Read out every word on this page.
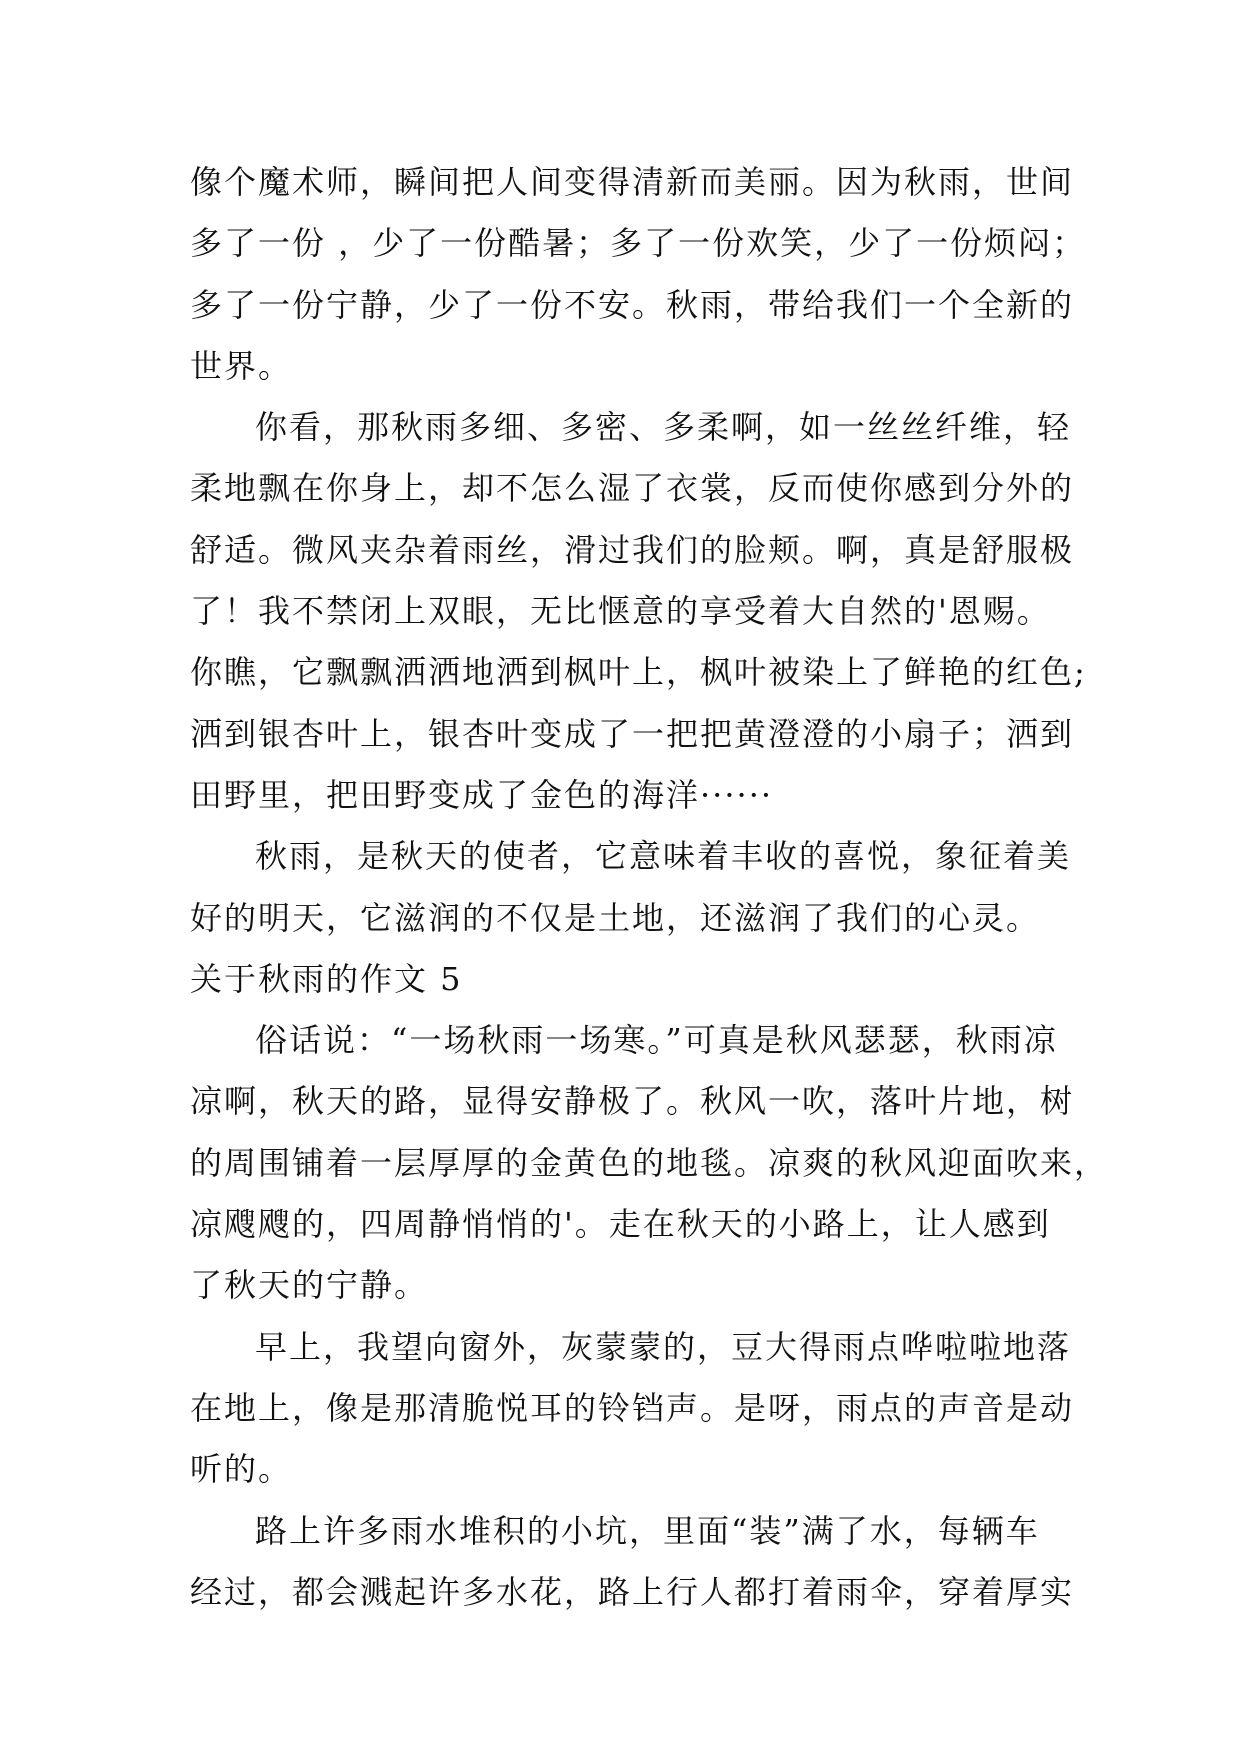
像个魔术师，瞬间把人间变得清新而美丽。因为秋雨，世间
多了一份 ，少了一份酷暑；多了一份欢笑，少了一份烦闷；
多了一份宁静，少了一份不安。秋雨，带给我们一个全新的
世界。
你看，那秋雨多细、多密、多柔啊，如一丝丝纤维，轻
柔地飘在你身上，却不怎么湿了衣裳，反而使你感到分外的
舒适。微风夹杂着雨丝，滑过我们的脸颊。啊，真是舒服极
了！我不禁闭上双眼，无比惬意的享受着大自然的'恩赐。
你瞧，它飘飘洒洒地洒到枫叶上，枫叶被染上了鲜艳的红色;
洒到银杏叶上，银杏叶变成了一把把黄澄澄的小扇子；洒到
田野里，把田野变成了金色的海洋······
秋雨，是秋天的使者，它意味着丰收的喜悦，象征着美
好的明天，它滋润的不仅是土地，还滋润了我们的心灵。
关于秋雨的作文 5
俗话说：“一场秋雨一场寒。”可真是秋风瑟瑟，秋雨凉
凉啊，秋天的路，显得安静极了。秋风一吹，落叶片地，树
的周围铺着一层厚厚的金黄色的地毯。凉爽的秋风迎面吹来，
凉飕飕的，四周静悄悄的'。走在秋天的小路上，让人感到
了秋天的宁静。
早上，我望向窗外，灰蒙蒙的，豆大得雨点哗啦啦地落
在地上，像是那清脆悦耳的铃铛声。是呀，雨点的声音是动
听的。
路上许多雨水堆积的小坑，里面“装”满了水，每辆车
经过，都会溅起许多水花，路上行人都打着雨伞，穿着厚实
